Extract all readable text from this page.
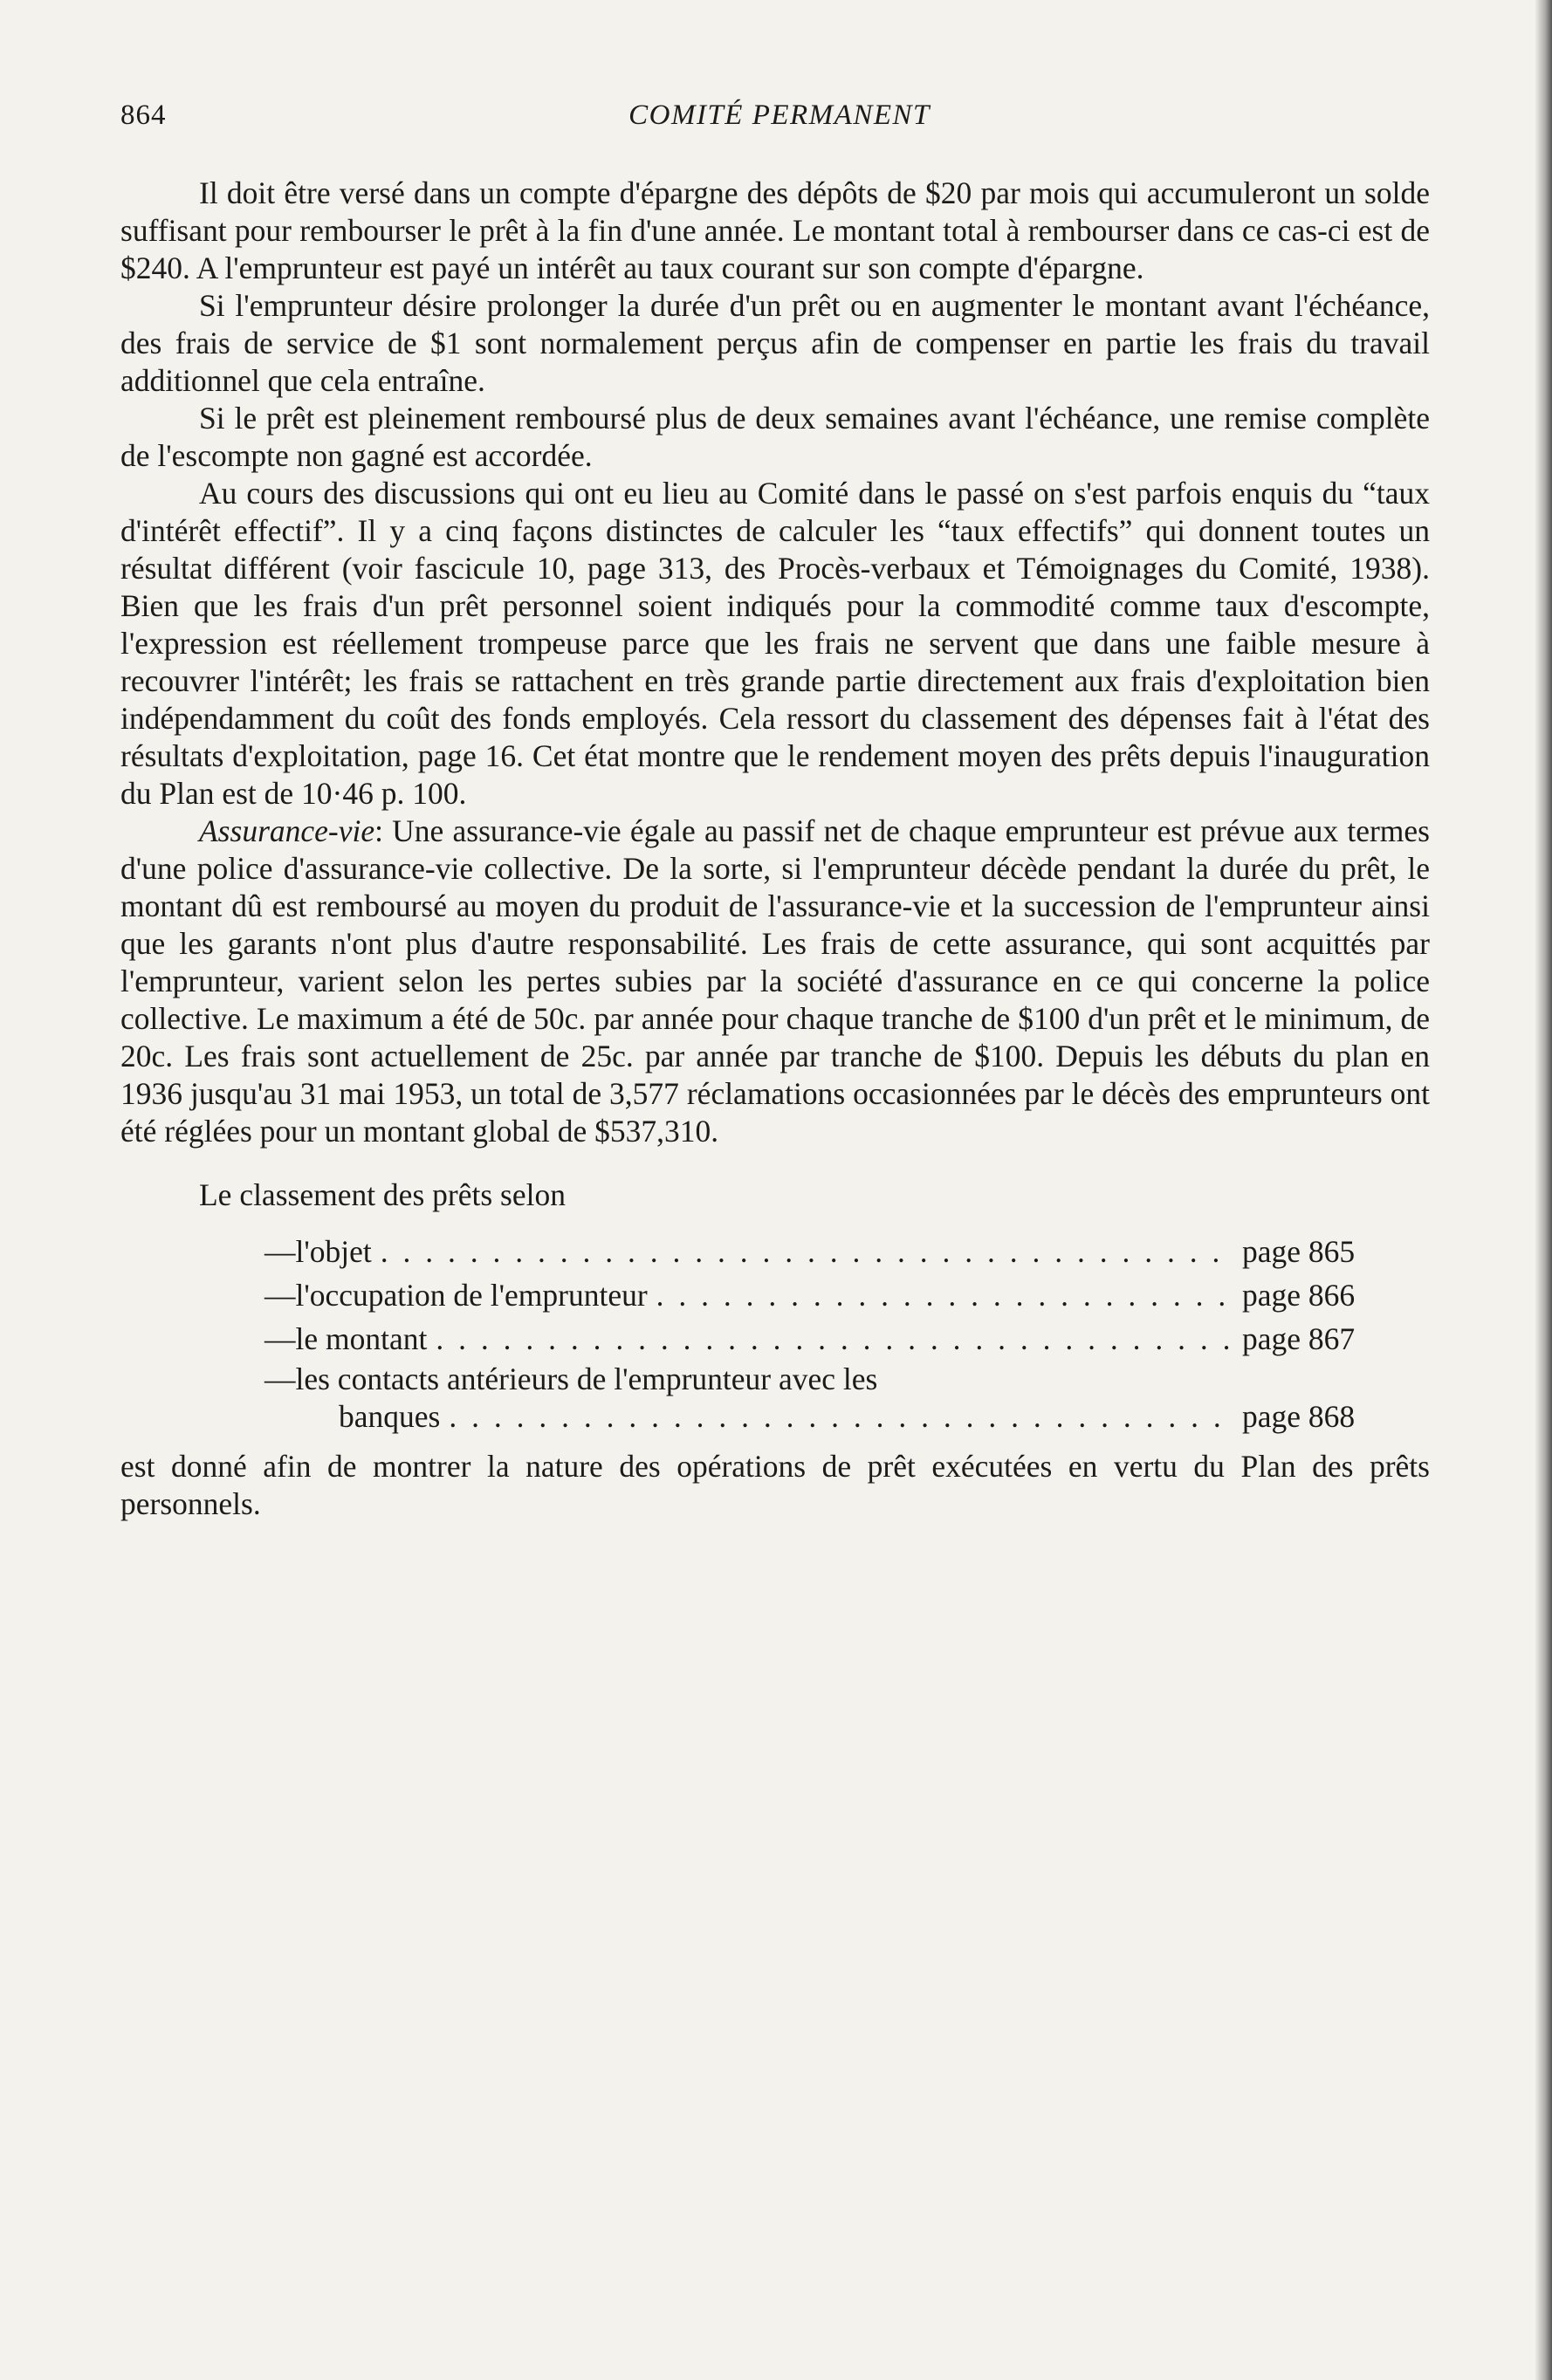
864	COMITÉ PERMANENT

Il doit être versé dans un compte d'épargne des dépôts de $20 par mois qui accumuleront un solde suffisant pour rembourser le prêt à la fin d'une année. Le montant total à rembourser dans ce cas-ci est de $240. A l'emprunteur est payé un intérêt au taux courant sur son compte d'épargne.

Si l'emprunteur désire prolonger la durée d'un prêt ou en augmenter le montant avant l'échéance, des frais de service de $1 sont normalement perçus afin de compenser en partie les frais du travail additionnel que cela entraîne.

Si le prêt est pleinement remboursé plus de deux semaines avant l'échéance, une remise complète de l'escompte non gagné est accordée.

Au cours des discussions qui ont eu lieu au Comité dans le passé on s'est parfois enquis du “taux d'intérêt effectif”. Il y a cinq façons distinctes de calculer les “taux effectifs” qui donnent toutes un résultat différent (voir fascicule 10, page 313, des Procès-verbaux et Témoignages du Comité, 1938). Bien que les frais d'un prêt personnel soient indiqués pour la commodité comme taux d'escompte, l'expression est réellement trompeuse parce que les frais ne servent que dans une faible mesure à recouvrer l'intérêt; les frais se rattachent en très grande partie directement aux frais d'exploitation bien indépendamment du coût des fonds employés. Cela ressort du classement des dépenses fait à l'état des résultats d'exploitation, page 16. Cet état montre que le rendement moyen des prêts depuis l'inauguration du Plan est de 10·46 p. 100.

Assurance-vie: Une assurance-vie égale au passif net de chaque emprunteur est prévue aux termes d'une police d'assurance-vie collective. De la sorte, si l'emprunteur décède pendant la durée du prêt, le montant dû est remboursé au moyen du produit de l'assurance-vie et la succession de l'emprunteur ainsi que les garants n'ont plus d'autre responsabilité. Les frais de cette assurance, qui sont acquittés par l'emprunteur, varient selon les pertes subies par la société d'assurance en ce qui concerne la police collective. Le maximum a été de 50c. par année pour chaque tranche de $100 d'un prêt et le minimum, de 20c. Les frais sont actuellement de 25c. par année par tranche de $100. Depuis les débuts du plan en 1936 jusqu'au 31 mai 1953, un total de 3,577 réclamations occasionnées par le décès des emprunteurs ont été réglées pour un montant global de $537,310.

Le classement des prêts selon

—l'objet . . .	page 865
—l'occupation de l'emprunteur . . .	page 866
—le montant . . .	page 867
—les contacts antérieurs de l'emprunteur avec les
banques . . .	page 868

est donné afin de montrer la nature des opérations de prêt exécutées en vertu du Plan des prêts personnels.
